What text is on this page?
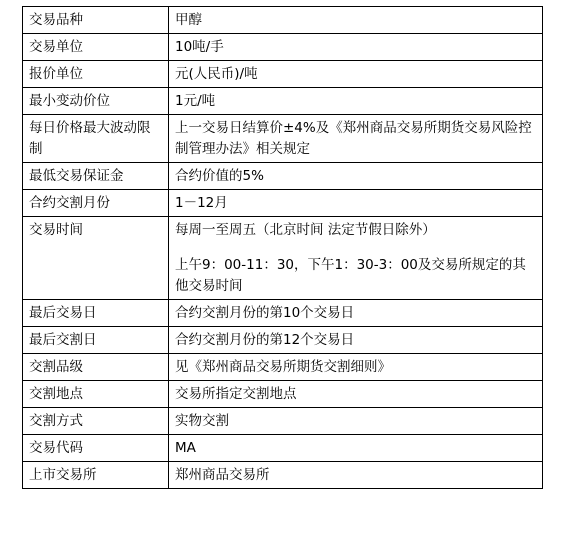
交易品种	甲醇

交易单位	10吨/手

报价单位	元(人民币)/吨

最小变动价位	1元/吨

每日价格最大波动限制	上一交易日结算价±4%及《郑州商品交易所期货交易风险控制管理办法》相关规定

最低交易保证金	合约价值的5%

合约交割月份	1－12月

交易时间	每周一至周五（北京时间 法定节假日除外）

上午9：00-11：30，下午1：30-3：00及交易所规定的其他交易时间

最后交易日	合约交割月份的第10个交易日

最后交割日	合约交割月份的第12个交易日

交割品级	见《郑州商品交易所期货交割细则》

交割地点	交易所指定交割地点

交割方式	实物交割

交易代码	MA

上市交易所	郑州商品交易所
